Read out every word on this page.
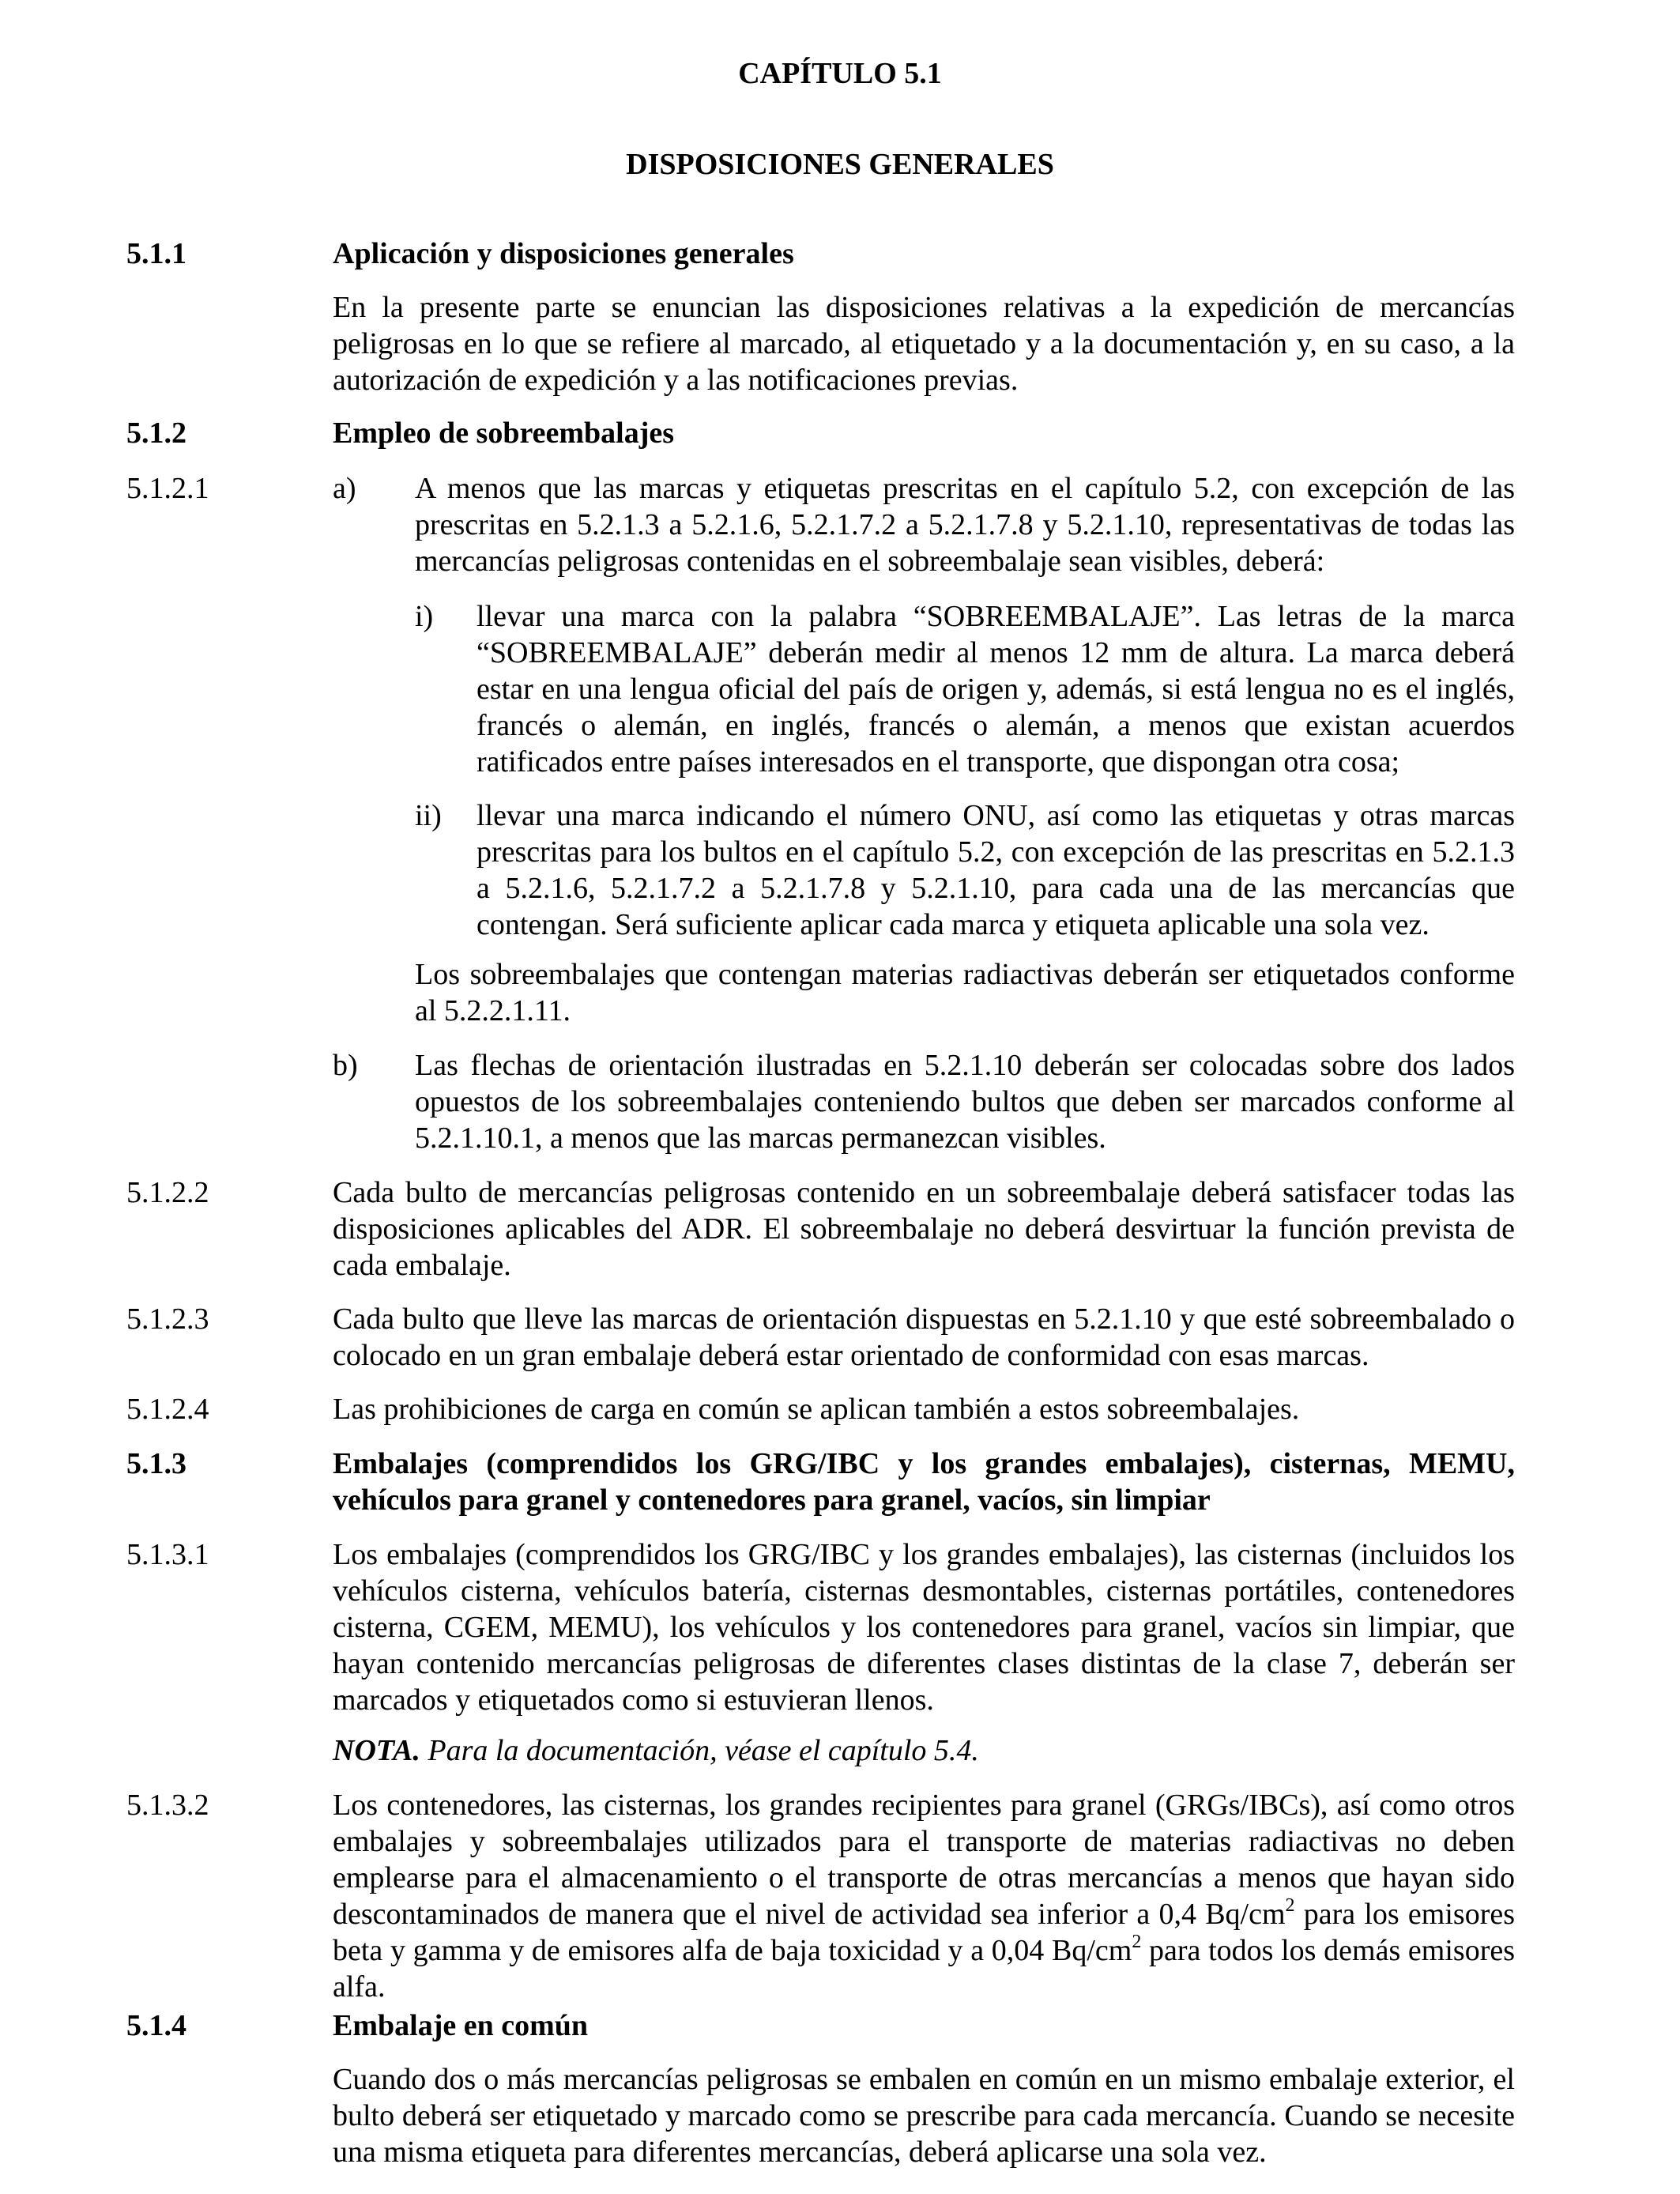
CAPÍTULO 5.1
DISPOSICIONES GENERALES
5.1.1	Aplicación y disposiciones generales
En la presente parte se enuncian las disposiciones relativas a la expedición de mercancías peligrosas en lo que se refiere al marcado, al etiquetado y a la documentación y, en su caso, a la autorización de expedición y a las notificaciones previas.
5.1.2	Empleo de sobreembalajes
5.1.2.1	a) A menos que las marcas y etiquetas prescritas en el capítulo 5.2, con excepción de las prescritas en 5.2.1.3 a 5.2.1.6, 5.2.1.7.2 a 5.2.1.7.8 y 5.2.1.10, representativas de todas las mercancías peligrosas contenidas en el sobreembalaje sean visibles, deberá:
i) llevar una marca con la palabra “SOBREEMBALAJE”. Las letras de la marca “SOBREEMBALAJE” deberán medir al menos 12 mm de altura. La marca deberá estar en una lengua oficial del país de origen y, además, si está lengua no es el inglés, francés o alemán, en inglés, francés o alemán, a menos que existan acuerdos ratificados entre países interesados en el transporte, que dispongan otra cosa;
ii) llevar una marca indicando el número ONU, así como las etiquetas y otras marcas prescritas para los bultos en el capítulo 5.2, con excepción de las prescritas en 5.2.1.3 a 5.2.1.6, 5.2.1.7.2 a 5.2.1.7.8 y 5.2.1.10, para cada una de las mercancías que contengan. Será suficiente aplicar cada marca y etiqueta aplicable una sola vez.
Los sobreembalajes que contengan materias radiactivas deberán ser etiquetados conforme al 5.2.2.1.11.
b) Las flechas de orientación ilustradas en 5.2.1.10 deberán ser colocadas sobre dos lados opuestos de los sobreembalajes conteniendo bultos que deben ser marcados conforme al 5.2.1.10.1, a menos que las marcas permanezcan visibles.
5.1.2.2	Cada bulto de mercancías peligrosas contenido en un sobreembalaje deberá satisfacer todas las disposiciones aplicables del ADR. El sobreembalaje no deberá desvirtuar la función prevista de cada embalaje.
5.1.2.3	Cada bulto que lleve las marcas de orientación dispuestas en 5.2.1.10 y que esté sobreembalado o colocado en un gran embalaje deberá estar orientado de conformidad con esas marcas.
5.1.2.4	Las prohibiciones de carga en común se aplican también a estos sobreembalajes.
5.1.3	Embalajes (comprendidos los GRG/IBC y los grandes embalajes), cisternas, MEMU, vehículos para granel y contenedores para granel, vacíos, sin limpiar
5.1.3.1	Los embalajes (comprendidos los GRG/IBC y los grandes embalajes), las cisternas (incluidos los vehículos cisterna, vehículos batería, cisternas desmontables, cisternas portátiles, contenedores cisterna, CGEM, MEMU), los vehículos y los contenedores para granel, vacíos sin limpiar, que hayan contenido mercancías peligrosas de diferentes clases distintas de la clase 7, deberán ser marcados y etiquetados como si estuvieran llenos.
NOTA. Para la documentación, véase el capítulo 5.4.
5.1.3.2	Los contenedores, las cisternas, los grandes recipientes para granel (GRGs/IBCs), así como otros embalajes y sobreembalajes utilizados para el transporte de materias radiactivas no deben emplearse para el almacenamiento o el transporte de otras mercancías a menos que hayan sido descontaminados de manera que el nivel de actividad sea inferior a 0,4 $Bq/cm^2$ para los emisores beta y gamma y de emisores alfa de baja toxicidad y a 0,04 $Bq/cm^2$ para todos los demás emisores alfa.
5.1.4	Embalaje en común
Cuando dos o más mercancías peligrosas se embalen en común en un mismo embalaje exterior, el bulto deberá ser etiquetado y marcado como se prescribe para cada mercancía. Cuando se necesite una misma etiqueta para diferentes mercancías, deberá aplicarse una sola vez.
